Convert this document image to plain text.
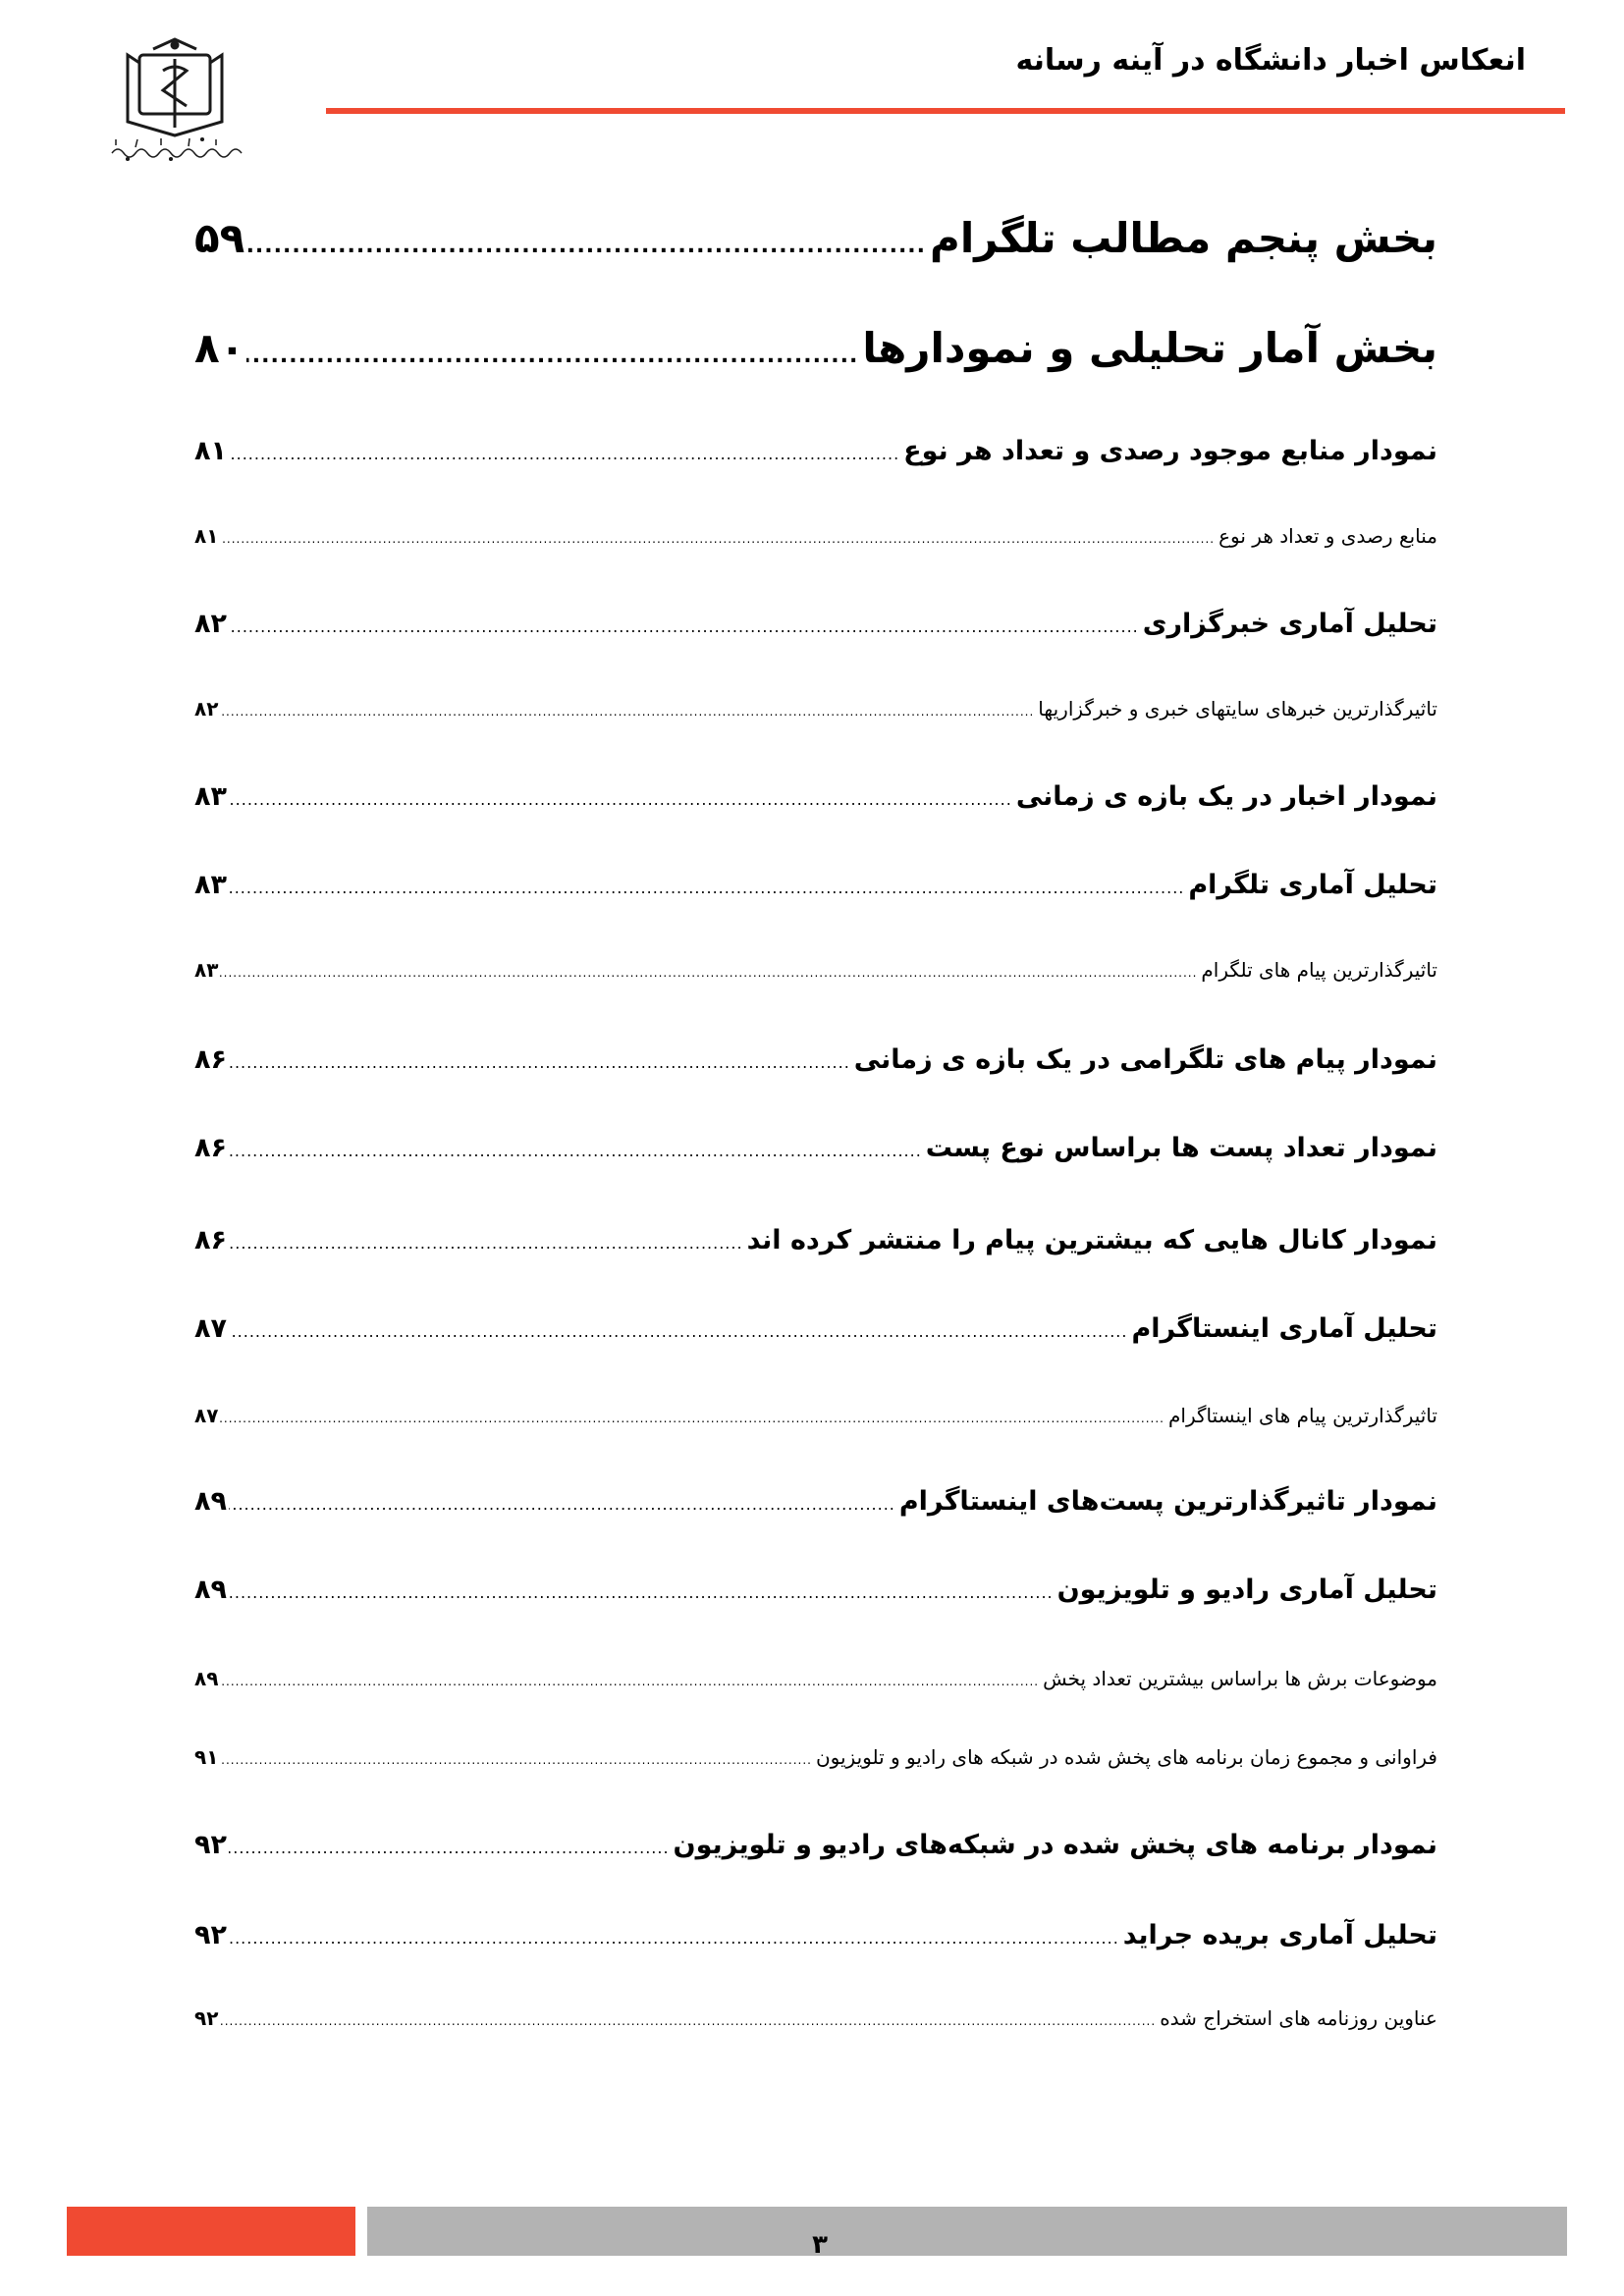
انعکاس اخبار دانشگاه در آینه رسانه
بخش پنجم مطالب تلگرام
.....
۵۹
بخش آمار تحلیلی و نمودارها
.....
۸۰
نمودار منابع موجود رصدی و تعداد هر نوع
.....
۸۱
منابع رصدی و تعداد هر نوع
.....
۸۱
تحلیل آماری خبرگزاری
.....
۸۲
تاثیرگذارترین خبرهای سایتهای خبری و خبرگزاریها
.....
۸۲
نمودار اخبار در یک بازه ی زمانی
.....
۸۳
تحلیل آماری تلگرام
.....
۸۳
تاثیرگذارترین پیام های تلگرام
.....
۸۳
نمودار پیام های تلگرامی در یک بازه ی زمانی
.....
۸۶
نمودار تعداد پست ها براساس نوع پست
.....
۸۶
نمودار کانال هایی که بیشترین پیام را منتشر کرده اند
.....
۸۶
تحلیل آماری اینستاگرام
.....
۸۷
تاثیرگذارترین پیام های اینستاگرام
.....
۸۷
نمودار تاثیرگذارترین پست‌های اینستاگرام
.....
۸۹
تحلیل آماری رادیو و تلویزیون
.....
۸۹
موضوعات برش ها براساس بیشترین تعداد پخش
.....
۸۹
فراوانی و مجموع زمان برنامه های پخش شده در شبکه های رادیو و تلویزیون
.....
۹۱
نمودار برنامه های پخش شده در شبکه‌های رادیو و تلویزیون
.....
۹۲
تحلیل آماری بریده جراید
.....
۹۲
عناوین روزنامه های استخراج شده
.....
۹۲
۳
